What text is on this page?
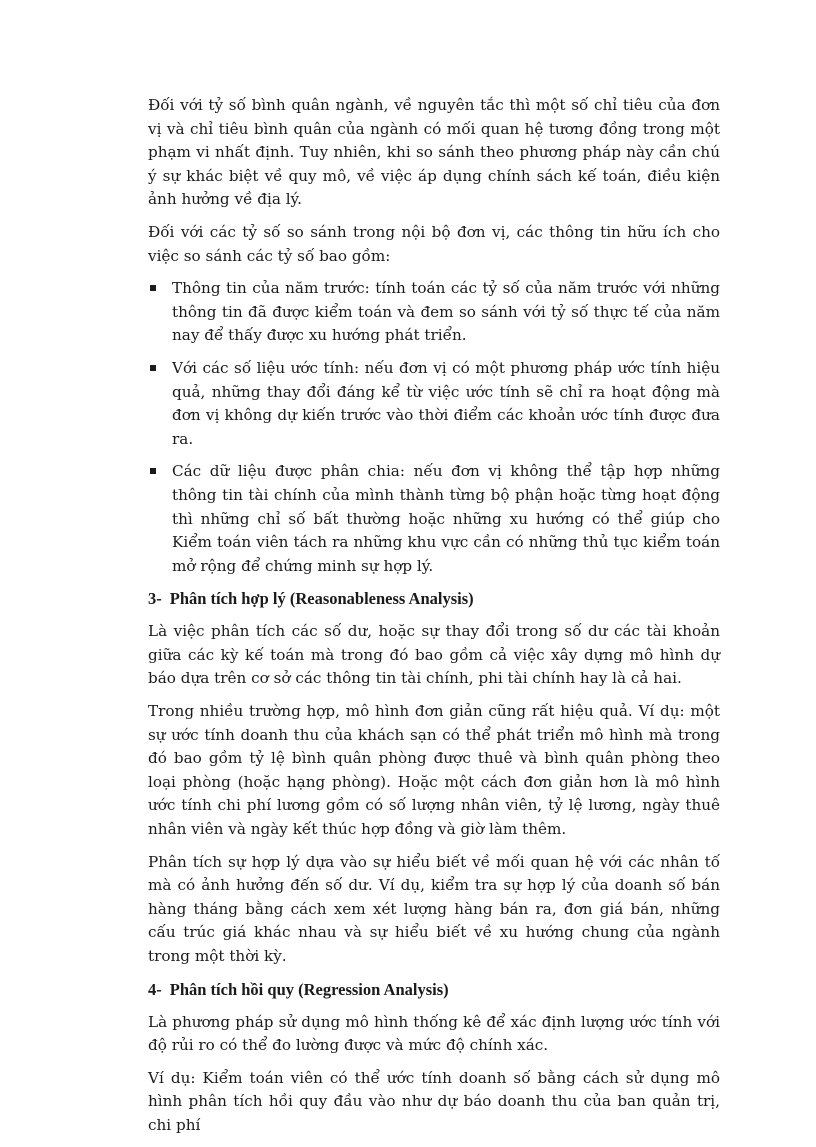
Đối với tỷ số bình quân ngành, về nguyên tắc thì một số chỉ tiêu của đơn vị và chỉ tiêu bình quân của ngành có mối quan hệ tương đồng trong một phạm vi nhất định. Tuy nhiên, khi so sánh theo phương pháp này cần chú ý sự khác biệt về quy mô, về việc áp dụng chính sách kế toán, điều kiện ảnh hưởng về địa lý.

Đối với các tỷ số so sánh trong nội bộ đơn vị, các thông tin hữu ích cho việc so sánh các tỷ số bao gồm:

Thông tin của năm trước: tính toán các tỷ số của năm trước với những thông tin đã được kiểm toán và đem so sánh với tỷ số thực tế của năm nay để thấy được xu hướng phát triển.
Với các số liệu ước tính: nếu đơn vị có một phương pháp ước tính hiệu quả, những thay đổi đáng kể từ việc ước tính sẽ chỉ ra hoạt động mà đơn vị không dự kiến trước vào thời điểm các khoản ước tính được đưa ra.
Các dữ liệu được phân chia: nếu đơn vị không thể tập hợp những thông tin tài chính của mình thành từng bộ phận hoặc từng hoạt động thì những chỉ số bất thường hoặc những xu hướng có thể giúp cho Kiểm toán viên tách ra những khu vực cần có những thủ tục kiểm toán mở rộng để chứng minh sự hợp lý.
3- Phân tích hợp lý (Reasonableness Analysis)

Là việc phân tích các số dư, hoặc sự thay đổi trong số dư các tài khoản giữa các kỳ kế toán mà trong đó bao gồm cả việc xây dựng mô hình dự báo dựa trên cơ sở các thông tin tài chính, phi tài chính hay là cả hai.

Trong nhiều trường hợp, mô hình đơn giản cũng rất hiệu quả. Ví dụ: một sự ước tính doanh thu của khách sạn có thể phát triển mô hình mà trong đó bao gồm tỷ lệ bình quân phòng được thuê và bình quân phòng theo loại phòng (hoặc hạng phòng). Hoặc một cách đơn giản hơn là mô hình ước tính chi phí lương gồm có số lượng nhân viên, tỷ lệ lương, ngày thuê nhân viên và ngày kết thúc hợp đồng và giờ làm thêm.

Phân tích sự hợp lý dựa vào sự hiểu biết về mối quan hệ với các nhân tố mà có ảnh hưởng đến số dư. Ví dụ, kiểm tra sự hợp lý của doanh số bán hàng tháng bằng cách xem xét lượng hàng bán ra, đơn giá bán, những cấu trúc giá khác nhau và sự hiểu biết về xu hướng chung của ngành trong một thời kỳ.

4- Phân tích hồi quy (Regression Analysis)

Là phương pháp sử dụng mô hình thống kê để xác định lượng ước tính với độ rủi ro có thể đo lường được và mức độ chính xác.

Ví dụ: Kiểm toán viên có thể ước tính doanh số bằng cách sử dụng mô hình phân tích hồi quy đầu vào như dự báo doanh thu của ban quản trị, chi phí
